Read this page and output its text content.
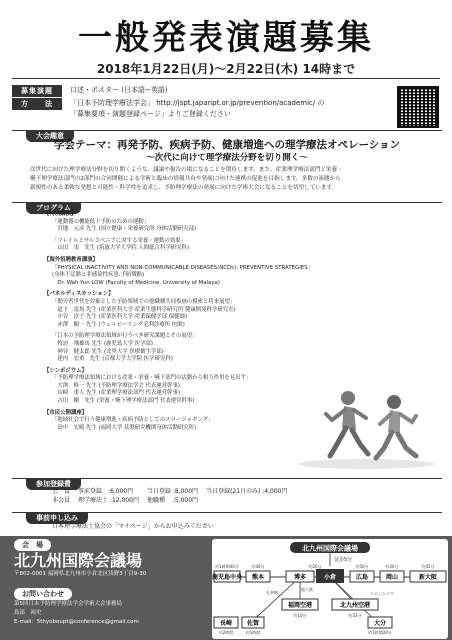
一般発表演題募集
2018年1月22日(月)〜2月22日(木) 14時まで
募集演題	口述・ポスター (日本語−英語)
方　　法	「日本予防理学療法学会」 http://jspt.japanpt.or.jp/prevention/academic/ の
「募集要項・演題登録ページ」よりご登録ください
大会趣意
学会テーマ：再発予防、疾病予防、健康増進への理学療法オペレーション
〜次代に向けて理学療法分野を切り開く〜
次世代に向けた理学療法分野を切り開くような、議論や報告の場になることを期待します。また、産業理学療法部門と栄養・
嚥下理学療法部門の2部門の合同開催による学術と臨床の情報共有や発展に向けた連携の促進を目指します。多数の演題から
新規性のある柔軟な発想と可能性・科学性を追求し、予防理学療法の発展に向けた学術大会になることを切望しています。
プログラム
【特別講演】
「運動器の機能低下予防のための運動」
　宮地　元彦 先生 (国立健康・栄養研究所 身体活動研究部)
「フレイルとサルコペニアに対する栄養・運動の効果」
　山田　実　先生 (筑波大学大学院 人間総合科学研究科)
【海外招聘教育講演】
「PHYSICAL INACTIVITY AND NON-COMMUNICABLE DISEASES(NCDs): PREVENTIVE STRATEGIES」
(身体不活動と非感染性疾患:予防戦略)
　Dr. Wah Yun LOW (Faculty of Medicine, University of Malaya)
【パネルディスカッション】
「勤労者世代を対象とした予防領域での他職種共同参画の模索と将来展望」
　道下　竜馬 先生 (産業医科大学 産業生態科学研究所 健康開発科学研究室)
　中谷　淳子 先生 (産業医科大学 産業保健学部 保健師)
　赤澤　順一 先生 (ウェルビーイング毛利診療所 医師)
「日本の予防理学療法領域が行うべき研究課題とその展望」
　牧迫　飛雄馬 先生 (鹿児島大学 医学部)
　神谷　健太郎 先生 (北里大学 医療衛生学部)
　建内　宏重　先生 (京都大学大学院 医学研究科)
【シンポジウム】
「予防理学療法領域における産業・栄養・嚥下部門の活動から相互作用を見出す」
　大渕　修一 先生 (予防理学療法学会 代表運営幹事)
　山崎　重人 先生 (産業理学療法部門 代表運営幹事)
　吉田　剛　先生 (栄養・嚥下理学療法部門 代表運営幹事)
【市民公開講座】
「地域社会で行う健康増進・疾病予防としてのスロージョギング」
　田中　宏暁 先生 (福岡大学 基盤研究機関身体活動研究所)
参加登録費
会　員	事前登録　:6,000円	当日登録 :8,000円	当日登録(21日のみ) :4,000円
非会員	理学療法士 :12,000円	他職種　 :5,000円	
事前申し込み
日本理学療法士協会の「マイページ」からお申込みください
会　場
北九州国際会議場
〒802-0001 福岡県北九州市小倉北区浅野3丁目9-30
お問い合わせ
第5回日本予防理学療法学会学術大会事務局
島添　裕史
E-mail：5thyoboupt@conference@gmail.com
北九州国際会議場
徒歩5分
鹿児島中央 熊本	博多	小倉	広島	岡山	新大阪
福岡空港	北九州空港
長崎 佐賀	大分
約1時間40分	約40分	約20分	約50分	約20分	約45分
在来線
地下鉄
約10分
リムジンバス
約33分
約2時間	約1時間	約1時間20分
